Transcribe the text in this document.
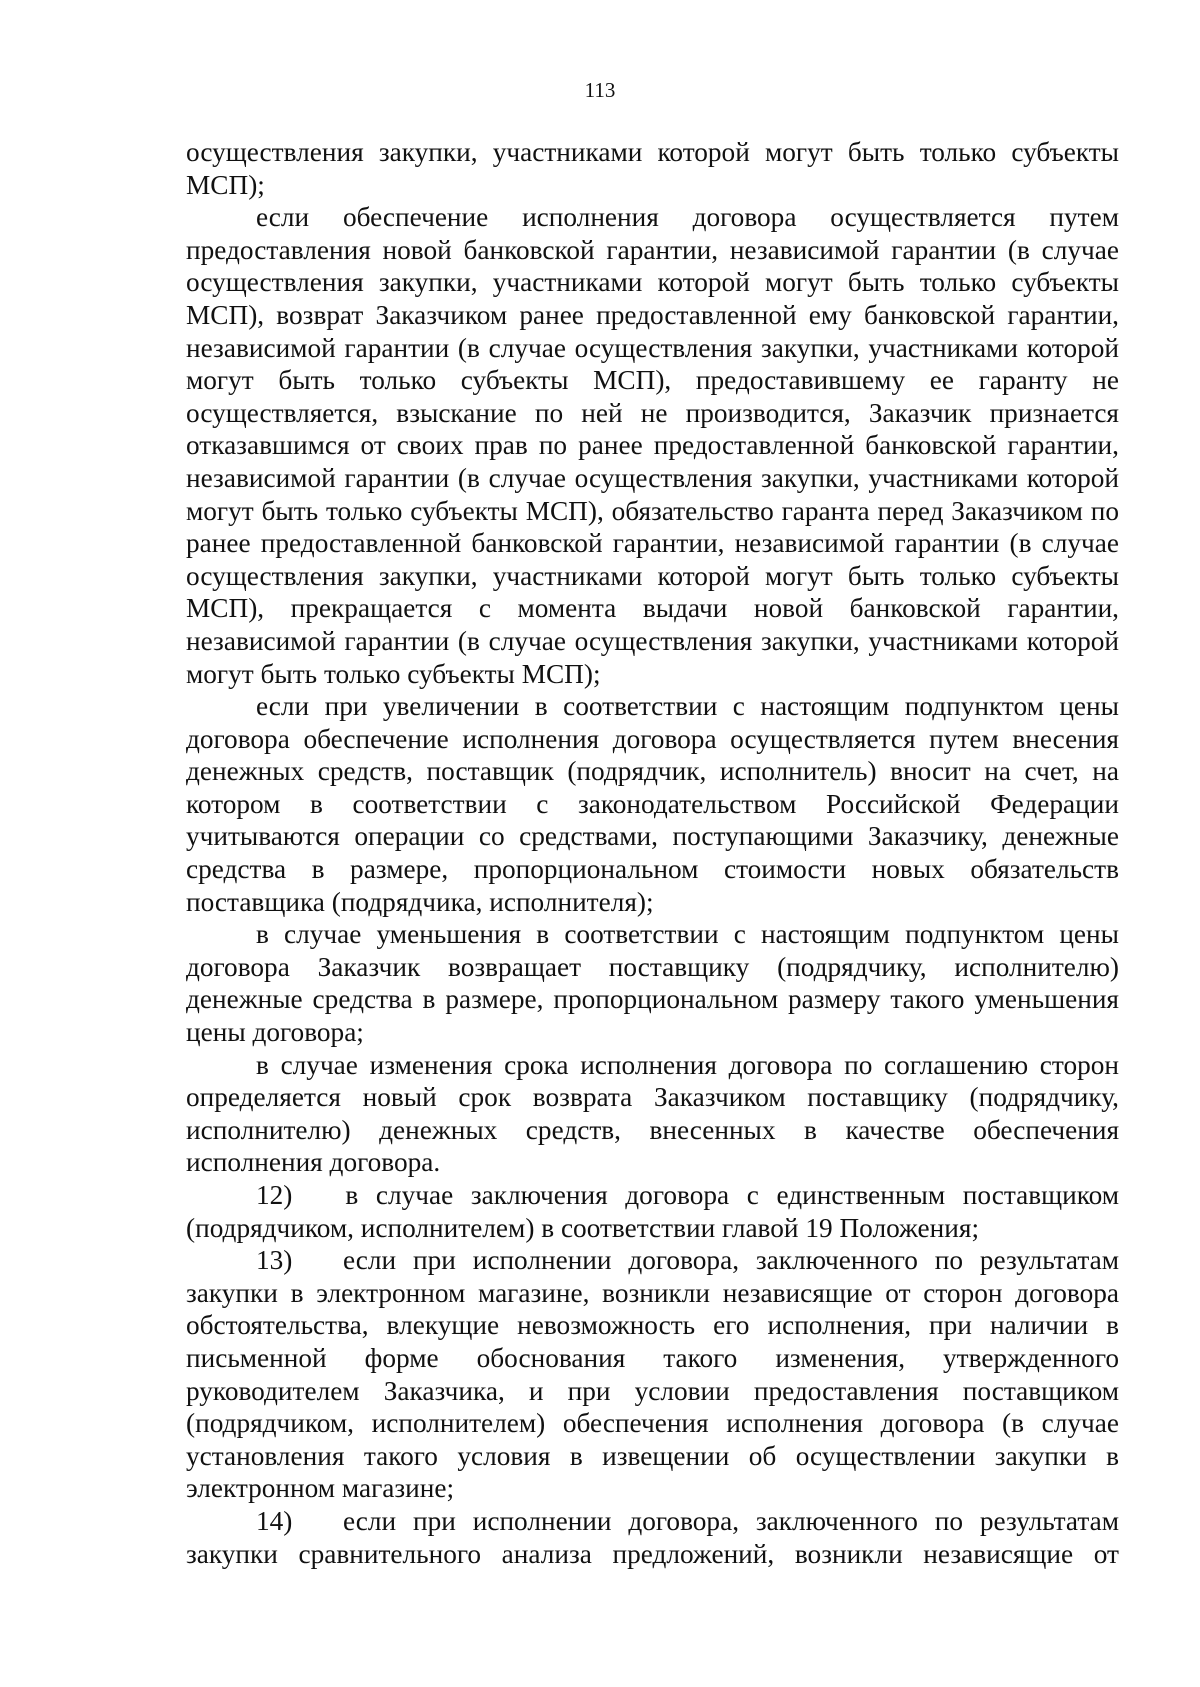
113

осуществления закупки, участниками которой могут быть только субъекты МСП);

если обеспечение исполнения договора осуществляется путем предоставления новой банковской гарантии, независимой гарантии (в случае осуществления закупки, участниками которой могут быть только субъекты МСП), возврат Заказчиком ранее предоставленной ему банковской гарантии, независимой гарантии (в случае осуществления закупки, участниками которой могут быть только субъекты МСП), предоставившему ее гаранту не осуществляется, взыскание по ней не производится, Заказчик признается отказавшимся от своих прав по ранее предоставленной банковской гарантии, независимой гарантии (в случае осуществления закупки, участниками которой могут быть только субъекты МСП), обязательство гаранта перед Заказчиком по ранее предоставленной банковской гарантии, независимой гарантии (в случае осуществления закупки, участниками которой могут быть только субъекты МСП), прекращается с момента выдачи новой банковской гарантии, независимой гарантии (в случае осуществления закупки, участниками которой могут быть только субъекты МСП);

если при увеличении в соответствии с настоящим подпунктом цены договора обеспечение исполнения договора осуществляется путем внесения денежных средств, поставщик (подрядчик, исполнитель) вносит на счет, на котором в соответствии с законодательством Российской Федерации учитываются операции со средствами, поступающими Заказчику, денежные средства в размере, пропорциональном стоимости новых обязательств поставщика (подрядчика, исполнителя);

в случае уменьшения в соответствии с настоящим подпунктом цены договора Заказчик возвращает поставщику (подрядчику, исполнителю) денежные средства в размере, пропорциональном размеру такого уменьшения цены договора;

в случае изменения срока исполнения договора по соглашению сторон определяется новый срок возврата Заказчиком поставщику (подрядчику, исполнителю) денежных средств, внесенных в качестве обеспечения исполнения договора.

12)   в случае заключения договора с единственным поставщиком (подрядчиком, исполнителем) в соответствии главой 19 Положения;

13)   если при исполнении договора, заключенного по результатам закупки в электронном магазине, возникли независящие от сторон договора обстоятельства, влекущие невозможность его исполнения, при наличии в письменной форме обоснования такого изменения, утвержденного руководителем Заказчика, и при условии предоставления поставщиком (подрядчиком, исполнителем) обеспечения исполнения договора (в случае установления такого условия в извещении об осуществлении закупки в электронном магазине;

14)   если при исполнении договора, заключенного по результатам закупки сравнительного анализа предложений, возникли независящие от
